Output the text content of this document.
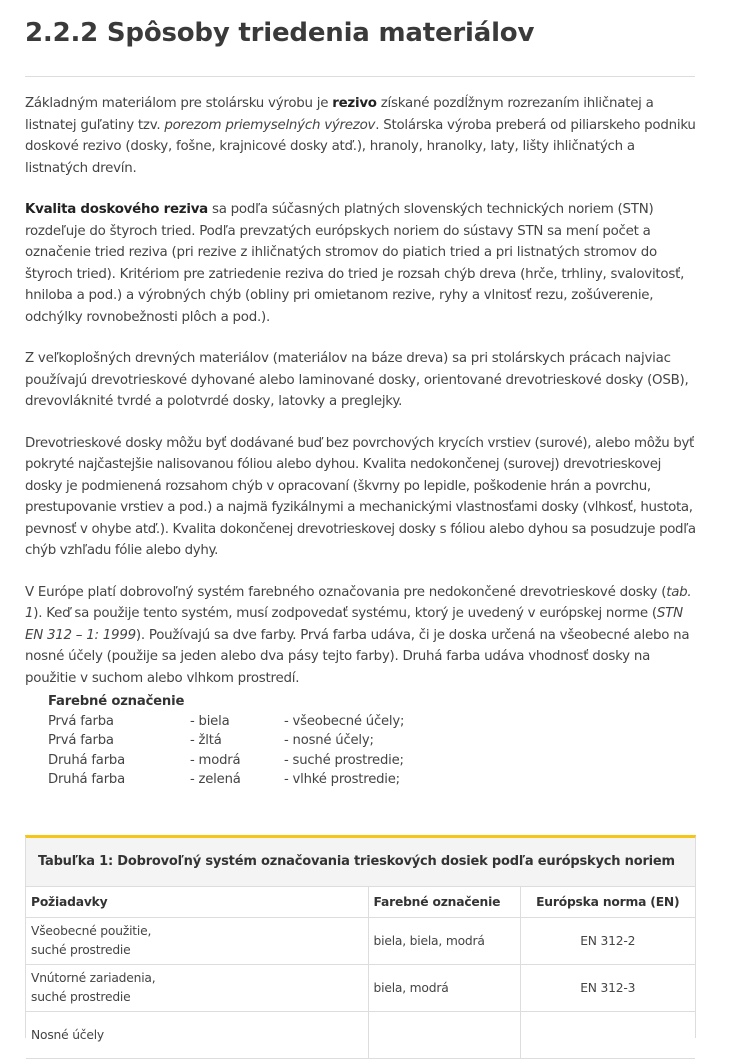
2.2.2 Spôsoby triedenia materiálov

Základným materiálom pre stolársku výrobu je rezivo získané pozdĺžnym rozrezaním ihličnatej a listnatej guľatiny tzv. porezom priemyselných výrezov. Stolárska výroba preberá od piliarskeho podniku doskové rezivo (dosky, fošne, krajnicové dosky atď.), hranoly, hranolky, laty, lišty ihličnatých a listnatých drevín.

Kvalita doskového reziva sa podľa súčasných platných slovenských technických noriem (STN) rozdeľuje do štyroch tried. Podľa prevzatých európskych noriem do sústavy STN sa mení počet a označenie tried reziva (pri rezive z ihličnatých stromov do piatich tried a pri listnatých stromov do štyroch tried). Kritériom pre zatriedenie reziva do tried je rozsah chýb dreva (hrče, trhliny, svalovitosť, hniloba a pod.) a výrobných chýb (obliny pri omietanom rezive, ryhy a vlnitosť rezu, zošúverenie, odchýlky rovnobežnosti plôch a pod.).

Z veľkoplošných drevných materiálov (materiálov na báze dreva) sa pri stolárskych prácach najviac používajú drevotrieskové dyhované alebo laminované dosky, orientované drevotrieskové dosky (OSB), drevovláknité tvrdé a polotvrdé dosky, latovky a preglejky.

Drevotrieskové dosky môžu byť dodávané buď bez povrchových krycích vrstiev (surové), alebo môžu byť pokryté najčastejšie nalisovanou fóliou alebo dyhou. Kvalita nedokončenej (surovej) drevotrieskovej dosky je podmienená rozsahom chýb v opracovaní (škvrny po lepidle, poškodenie hrán a povrchu, prestupovanie vrstiev a pod.) a najmä fyzikálnymi a mechanickými vlastnosťami dosky (vlhkosť, hustota, pevnosť v ohybe atď.). Kvalita dokončenej drevotrieskovej dosky s fóliou alebo dyhou sa posudzuje podľa chýb vzhľadu fólie alebo dyhy.

V Európe platí dobrovoľný systém farebného označovania pre nedokončené drevotrieskové dosky (tab. 1). Keď sa použije tento systém, musí zodpovedať systému, ktorý je uvedený v európskej norme (STN EN 312 – 1: 1999). Používajú sa dve farby. Prvá farba udáva, či je doska určená na všeobecné alebo na nosné účely (použije sa jeden alebo dva pásy tejto farby). Druhá farba udáva vhodnosť dosky na použitie v suchom alebo vlhkom prostredí.

Farebné označenie
Prvá farba	- biela	- všeobecné účely;
Prvá farba	- žltá	- nosné účely;
Druhá farba	- modrá	- suché prostredie;
Druhá farba	- zelená	- vlhké prostredie;
Tabuľka 1: Dobrovoľný systém označovania trieskových dosiek podľa európskych noriem
Požiadavky	Farebné označenie	Európska norma (EN)

Všeobecné použitie,
suché prostredie	biela, biela, modrá	EN 312-2

Vnútorné zariadenia,
suché prostredie	biela, modrá	EN 312-3

Nosné účely		
